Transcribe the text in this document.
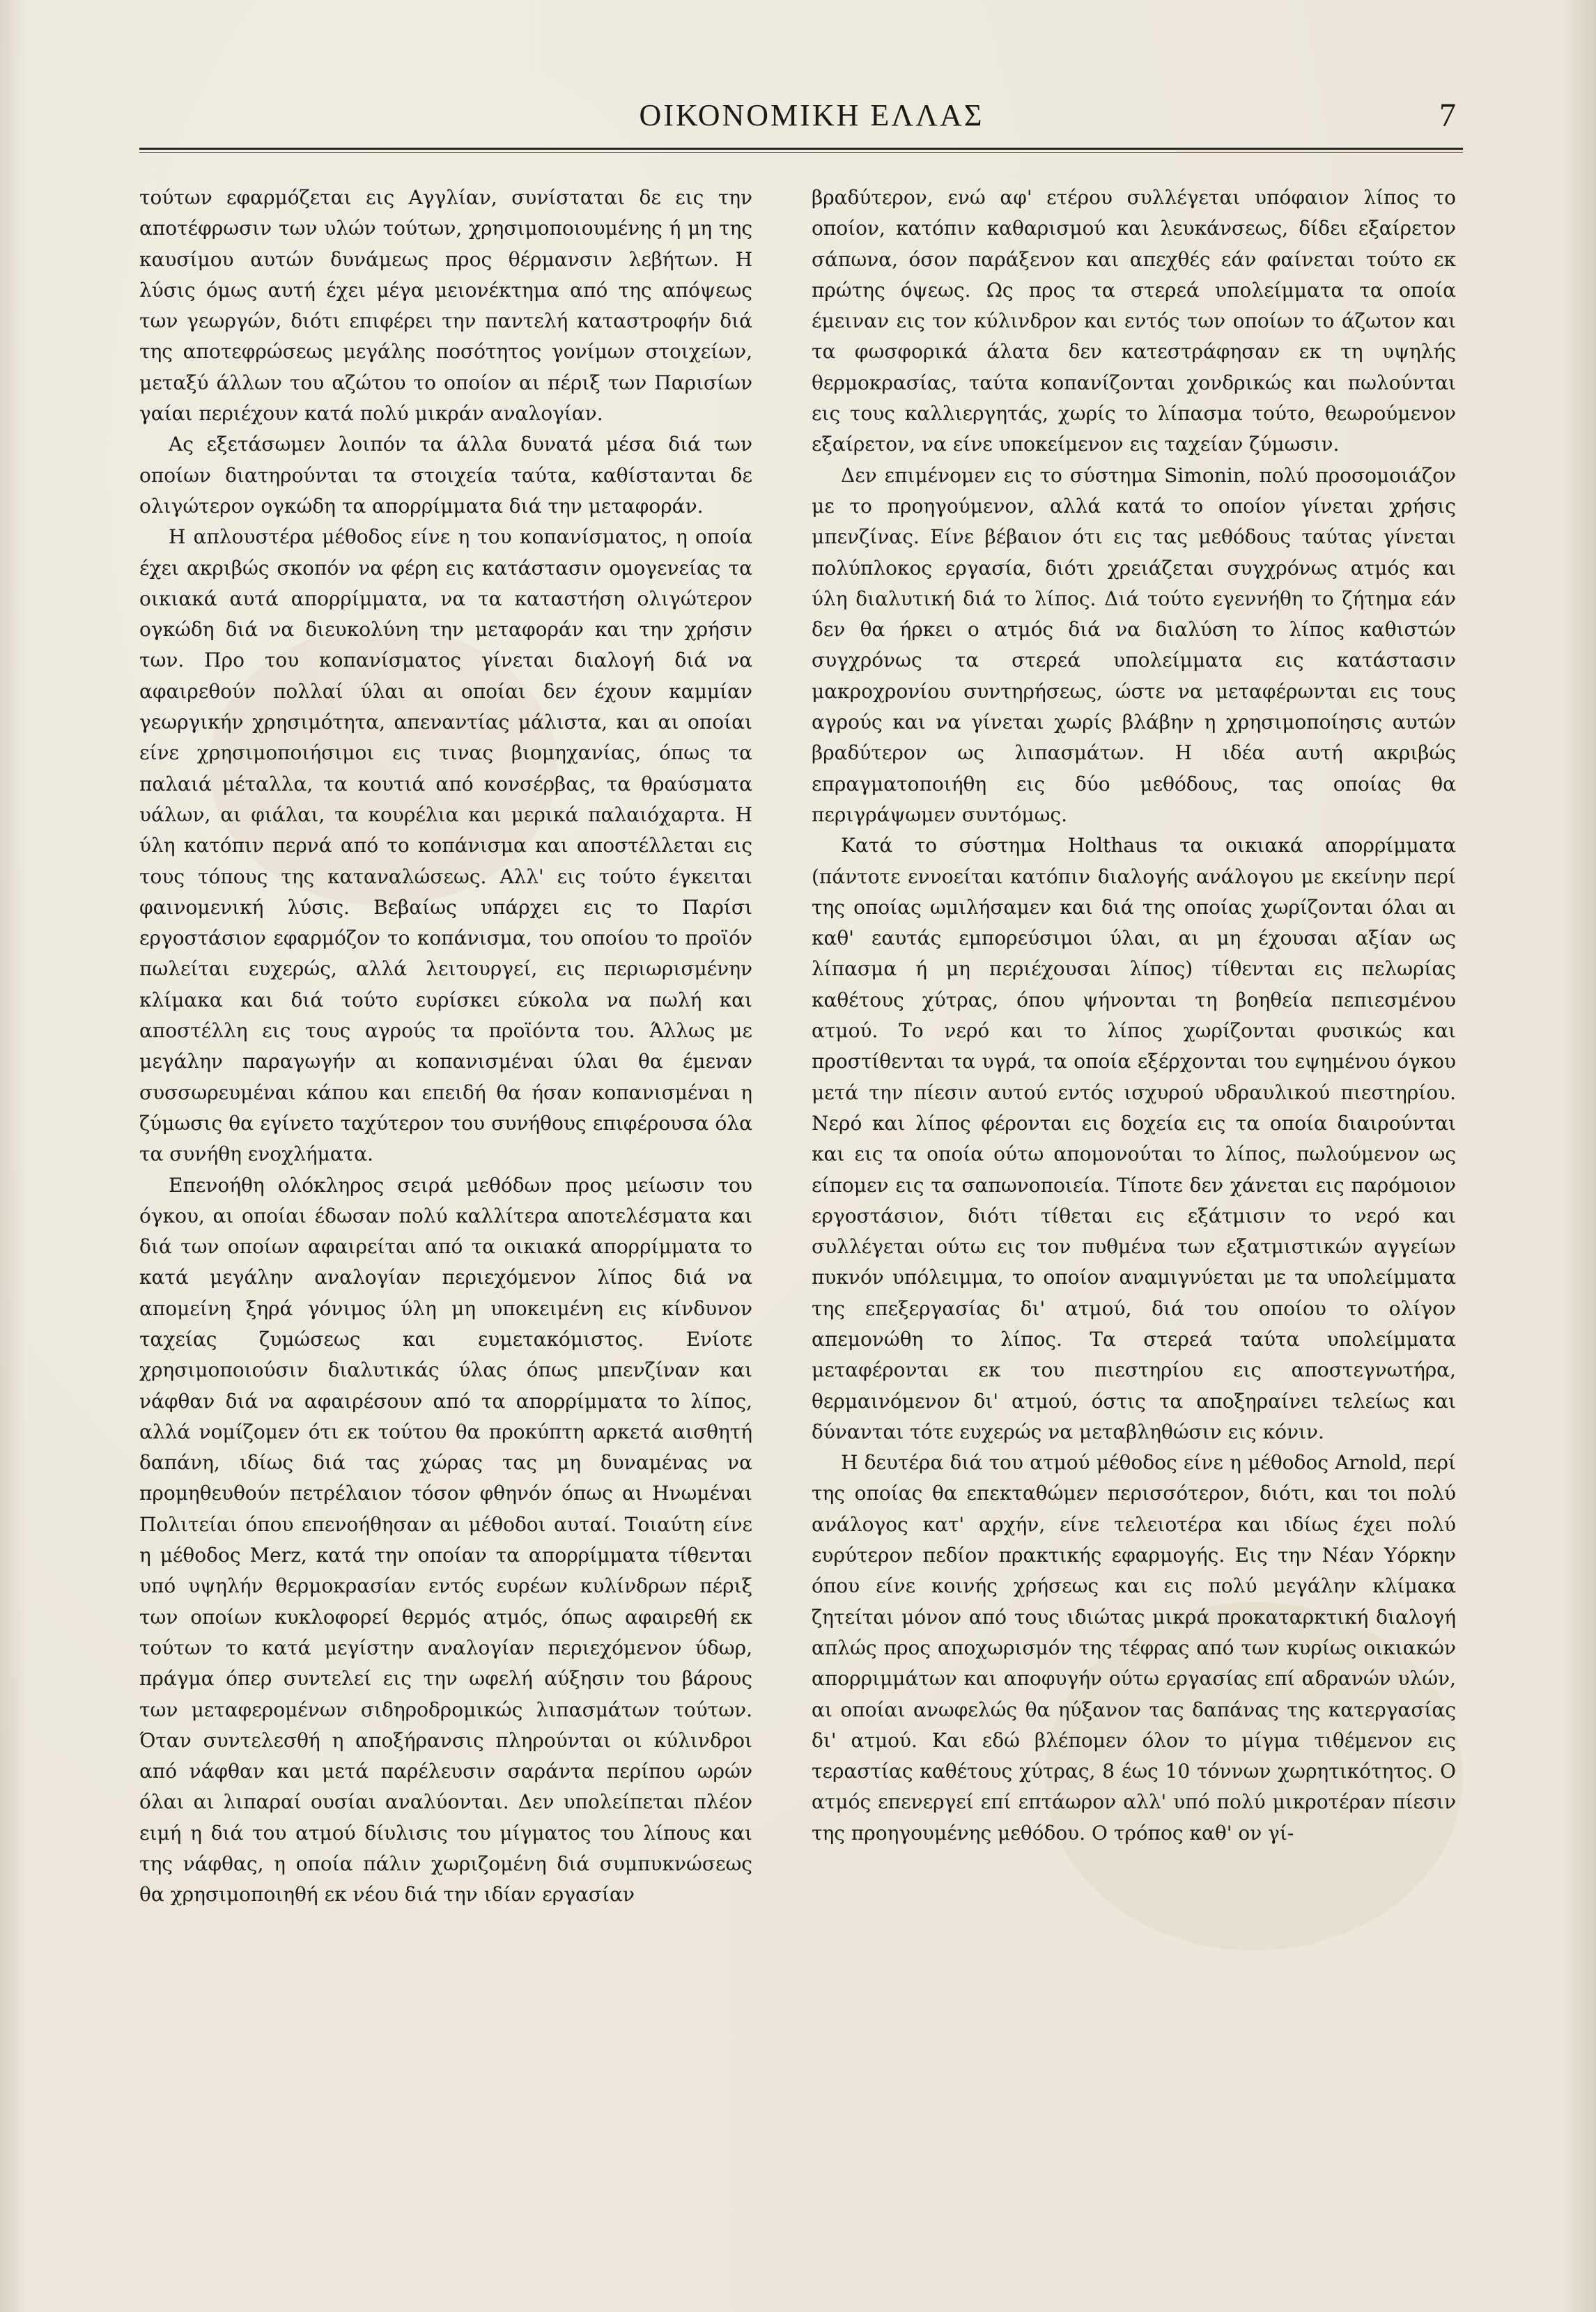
ΟΙΚΟΝΟΜΙΚΗ ΕΛΛΑΣ	7

τούτων εφαρμόζεται εις Αγγλίαν, συνίσταται δε εις την αποτέφρωσιν των υλών τούτων, χρησιμοποιουμένης ή μη της καυσίμου αυτών δυνάμεως προς θέρμανσιν λεβήτων. Η λύσις όμως αυτή έχει μέγα μειονέκτημα από της απόψεως των γεωργών, διότι επιφέρει την παντελή καταστροφήν διά της αποτεφρώσεως μεγάλης ποσότητος γονίμων στοιχείων, μεταξύ άλλων του αζώτου το οποίον αι πέριξ των Παρισίων γαίαι περιέχουν κατά πολύ μικράν αναλογίαν.

Ας εξετάσωμεν λοιπόν τα άλλα δυνατά μέσα διά των οποίων διατηρούνται τα στοιχεία ταύτα, καθίστανται δε ολιγώτερον ογκώδη τα απορρίμματα διά την μεταφοράν.

Η απλουστέρα μέθοδος είνε η του κοπανίσματος, η οποία έχει ακριβώς σκοπόν να φέρη εις κατάστασιν ομογενείας τα οικιακά αυτά απορρίμματα, να τα καταστήση ολιγώτερον ογκώδη διά να διευκολύνη την μεταφοράν και την χρήσιν των. Προ του κοπανίσματος γίνεται διαλογή διά να αφαιρεθούν πολλαί ύλαι αι οποίαι δεν έχουν καμμίαν γεωργικήν χρησιμότητα, απεναντίας μάλιστα, και αι οποίαι είνε χρησιμοποιήσιμοι εις τινας βιομηχανίας, όπως τα παλαιά μέταλλα, τα κουτιά από κονσέρβας, τα θραύσματα υάλων, αι φιάλαι, τα κουρέλια και μερικά παλαιόχαρτα. Η ύλη κατόπιν περνά από το κοπάνισμα και αποστέλλεται εις τους τόπους της καταναλώσεως. Αλλ' εις τούτο έγκειται φαινομενική λύσις. Βεβαίως υπάρχει εις το Παρίσι εργοστάσιον εφαρμόζον το κοπάνισμα, του οποίου το προϊόν πωλείται ευχερώς, αλλά λειτουργεί, εις περιωρισμένην κλίμακα και διά τούτο ευρίσκει εύκολα να πωλή και αποστέλλη εις τους αγρούς τα προϊόντα του. Άλλως με μεγάλην παραγωγήν αι κοπανισμέναι ύλαι θα έμεναν συσσωρευμέναι κάπου και επειδή θα ήσαν κοπανισμέναι η ζύμωσις θα εγίνετο ταχύτερον του συνήθους επιφέρουσα όλα τα συνήθη ενοχλήματα.

Επενοήθη ολόκληρος σειρά μεθόδων προς μείωσιν του όγκου, αι οποίαι έδωσαν πολύ καλλίτερα αποτελέσματα και διά των οποίων αφαιρείται από τα οικιακά απορρίμματα το κατά μεγάλην αναλογίαν περιεχόμενον λίπος διά να απομείνη ξηρά γόνιμος ύλη μη υποκειμένη εις κίνδυνον ταχείας ζυμώσεως και ευμετακόμιστος. Ενίοτε χρησιμοποιούσιν διαλυτικάς ύλας όπως μπενζίναν και νάφθαν διά να αφαιρέσουν από τα απορρίμματα το λίπος, αλλά νομίζομεν ότι εκ τούτου θα προκύπτη αρκετά αισθητή δαπάνη, ιδίως διά τας χώρας τας μη δυναμένας να προμηθευθούν πετρέλαιον τόσον φθηνόν όπως αι Ηνωμέναι Πολιτείαι όπου επενοήθησαν αι μέθοδοι αυταί. Τοιαύτη είνε η μέθοδος Merz, κατά την οποίαν τα απορρίμματα τίθενται υπό υψηλήν θερμοκρασίαν εντός ευρέων κυλίνδρων πέριξ των οποίων κυκλοφορεί θερμός ατμός, όπως αφαιρεθή εκ τούτων το κατά μεγίστην αναλογίαν περιεχόμενον ύδωρ, πράγμα όπερ συντελεί εις την ωφελή αύξησιν του βάρους των μεταφερομένων σιδηροδρομικώς λιπασμάτων τούτων. Όταν συντελεσθή η αποξήρανσις πληρούνται οι κύλινδροι από νάφθαν και μετά παρέλευσιν σαράντα περίπου ωρών όλαι αι λιπαραί ουσίαι αναλύονται. Δεν υπολείπεται πλέον ειμή η διά του ατμού δίυλισις του μίγματος του λίπους και της νάφθας, η οποία πάλιν χωριζομένη διά συμπυκνώσεως θα χρησιμοποιηθή εκ νέου διά την ιδίαν εργασίαν

βραδύτερον, ενώ αφ' ετέρου συλλέγεται υπόφαιον λίπος το οποίον, κατόπιν καθαρισμού και λευκάνσεως, δίδει εξαίρετον σάπωνα, όσον παράξενον και απεχθές εάν φαίνεται τούτο εκ πρώτης όψεως. Ως προς τα στερεά υπολείμματα τα οποία έμειναν εις τον κύλινδρον και εντός των οποίων το άζωτον και τα φωσφορικά άλατα δεν κατεστράφησαν εκ τη υψηλής θερμοκρασίας, ταύτα κοπανίζονται χονδρικώς και πωλούνται εις τους καλλιεργητάς, χωρίς το λίπασμα τούτο, θεωρούμενον εξαίρετον, να είνε υποκείμενον εις ταχείαν ζύμωσιν.

Δεν επιμένομεν εις το σύστημα Simonin, πολύ προσομοιάζον με το προηγούμενον, αλλά κατά το οποίον γίνεται χρήσις μπενζίνας. Είνε βέβαιον ότι εις τας μεθόδους ταύτας γίνεται πολύπλοκος εργασία, διότι χρειάζεται συγχρόνως ατμός και ύλη διαλυτική διά το λίπος. Διά τούτο εγεννήθη το ζήτημα εάν δεν θα ήρκει ο ατμός διά να διαλύση το λίπος καθιστών συγχρόνως τα στερεά υπολείμματα εις κατάστασιν μακροχρονίου συντηρήσεως, ώστε να μεταφέρωνται εις τους αγρούς και να γίνεται χωρίς βλάβην η χρησιμοποίησις αυτών βραδύτερον ως λιπασμάτων. Η ιδέα αυτή ακριβώς επραγματοποιήθη εις δύο μεθόδους, τας οποίας θα περιγράψωμεν συντόμως.

Κατά το σύστημα Holthaus τα οικιακά απορρίμματα (πάντοτε εννοείται κατόπιν διαλογής ανάλογου με εκείνην περί της οποίας ωμιλήσαμεν και διά της οποίας χωρίζονται όλαι αι καθ' εαυτάς εμπορεύσιμοι ύλαι, αι μη έχουσαι αξίαν ως λίπασμα ή μη περιέχουσαι λίπος) τίθενται εις πελωρίας καθέτους χύτρας, όπου ψήνονται τη βοηθεία πεπιεσμένου ατμού. Το νερό και το λίπος χωρίζονται φυσικώς και προστίθενται τα υγρά, τα οποία εξέρχονται του εψημένου όγκου μετά την πίεσιν αυτού εντός ισχυρού υδραυλικού πιεστηρίου. Νερό και λίπος φέρονται εις δοχεία εις τα οποία διαιρούνται και εις τα οποία ούτω απομονούται το λίπος, πωλούμενον ως είπομεν εις τα σαπωνοποιεία. Τίποτε δεν χάνεται εις παρόμοιον εργοστάσιον, διότι τίθεται εις εξάτμισιν το νερό και συλλέγεται ούτω εις τον πυθμένα των εξατμιστικών αγγείων πυκνόν υπόλειμμα, το οποίον αναμιγνύεται με τα υπολείμματα της επεξεργασίας δι' ατμού, διά του οποίου το ολίγον απεμονώθη το λίπος. Τα στερεά ταύτα υπολείμματα μεταφέρονται εκ του πιεστηρίου εις αποστεγνωτήρα, θερμαινόμενον δι' ατμού, όστις τα αποξηραίνει τελείως και δύνανται τότε ευχερώς να μεταβληθώσιν εις κόνιν.

Η δευτέρα διά του ατμού μέθοδος είνε η μέθοδος Arnold, περί της οποίας θα επεκταθώμεν περισσότερον, διότι, και τοι πολύ ανάλογος κατ' αρχήν, είνε τελειοτέρα και ιδίως έχει πολύ ευρύτερον πεδίον πρακτικής εφαρμογής. Εις την Νέαν Υόρκην όπου είνε κοινής χρήσεως και εις πολύ μεγάλην κλίμακα ζητείται μόνον από τους ιδιώτας μικρά προκαταρκτική διαλογή απλώς προς αποχωρισμόν της τέφρας από των κυρίως οικιακών απορριμμάτων και αποφυγήν ούτω εργασίας επί αδρανών υλών, αι οποίαι ανωφελώς θα ηύξανον τας δαπάνας της κατεργασίας δι' ατμού. Και εδώ βλέπομεν όλον το μίγμα τιθέμενον εις τεραστίας καθέτους χύτρας, 8 έως 10 τόννων χωρητικότητος. Ο ατμός επενεργεί επί επτάωρον αλλ' υπό πολύ μικροτέραν πίεσιν της προηγουμένης μεθόδου. Ο τρόπος καθ' ον γί-
